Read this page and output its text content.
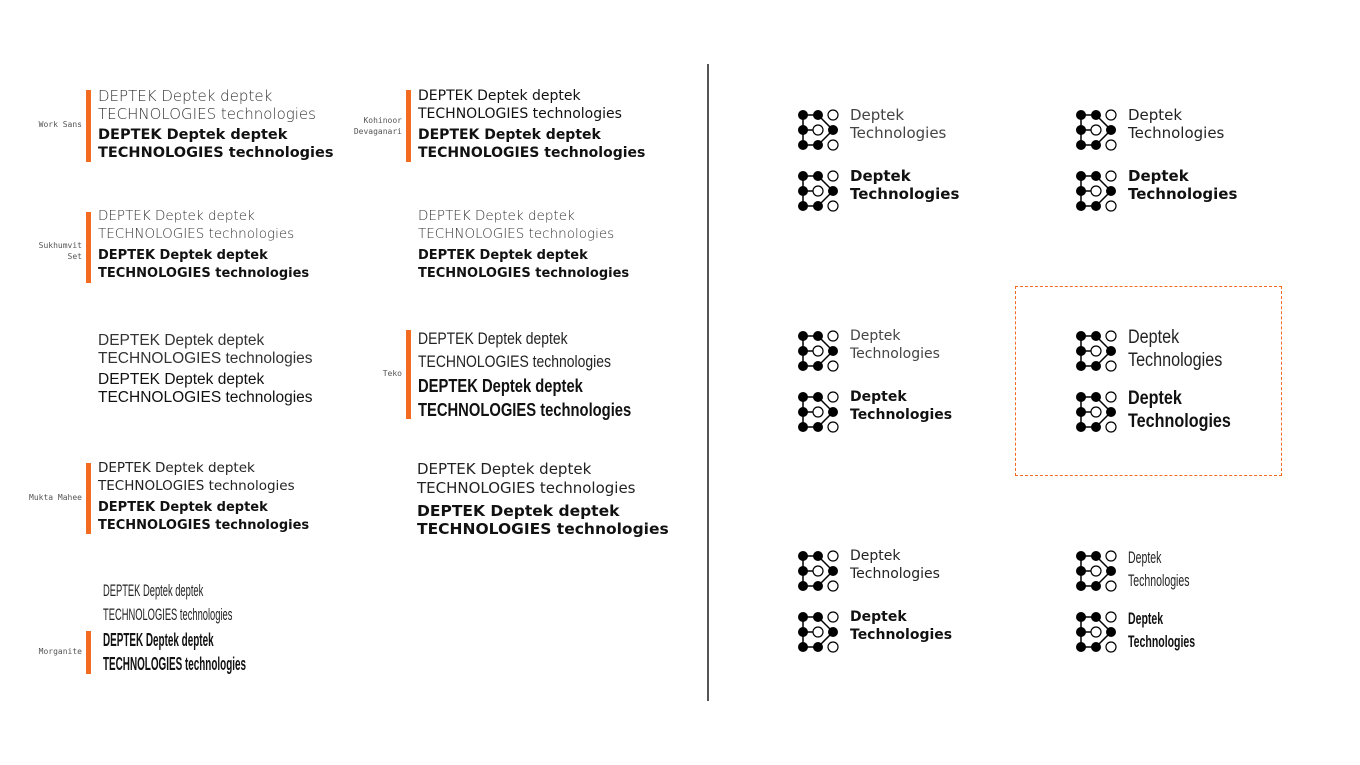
Work Sans
DEPTEK Deptek deptek
TECHNOLOGIES technologies
DEPTEK Deptek deptek
TECHNOLOGIES technologies
Kohinoor Devaganari
DEPTEK Deptek deptek
TECHNOLOGIES technologies
DEPTEK Deptek deptek
TECHNOLOGIES technologies
Sukhumvit Set
DEPTEK Deptek deptek
TECHNOLOGIES technologies
DEPTEK Deptek deptek
TECHNOLOGIES technologies
DEPTEK Deptek deptek
TECHNOLOGIES technologies
DEPTEK Deptek deptek
TECHNOLOGIES technologies
DEPTEK Deptek deptek
TECHNOLOGIES technologies
DEPTEK Deptek deptek
TECHNOLOGIES technologies
Teko
DEPTEK Deptek deptek
TECHNOLOGIES technologies
DEPTEK Deptek deptek
TECHNOLOGIES technologies
Mukta Mahee
DEPTEK Deptek deptek
TECHNOLOGIES technologies
DEPTEK Deptek deptek
TECHNOLOGIES technologies
DEPTEK Deptek deptek
TECHNOLOGIES technologies
DEPTEK Deptek deptek
TECHNOLOGIES technologies
Morganite
DEPTEK Deptek deptek
TECHNOLOGIES technologies
DEPTEK Deptek deptek
TECHNOLOGIES technologies
Deptek
Technologies
Deptek
Technologies
Deptek
Technologies
Deptek
Technologies
Deptek
Technologies
Deptek
Technologies
Deptek
Technologies
Deptek
Technologies
Deptek
Technologies
Deptek
Technologies
Deptek
Technologies
Deptek
Technologies
